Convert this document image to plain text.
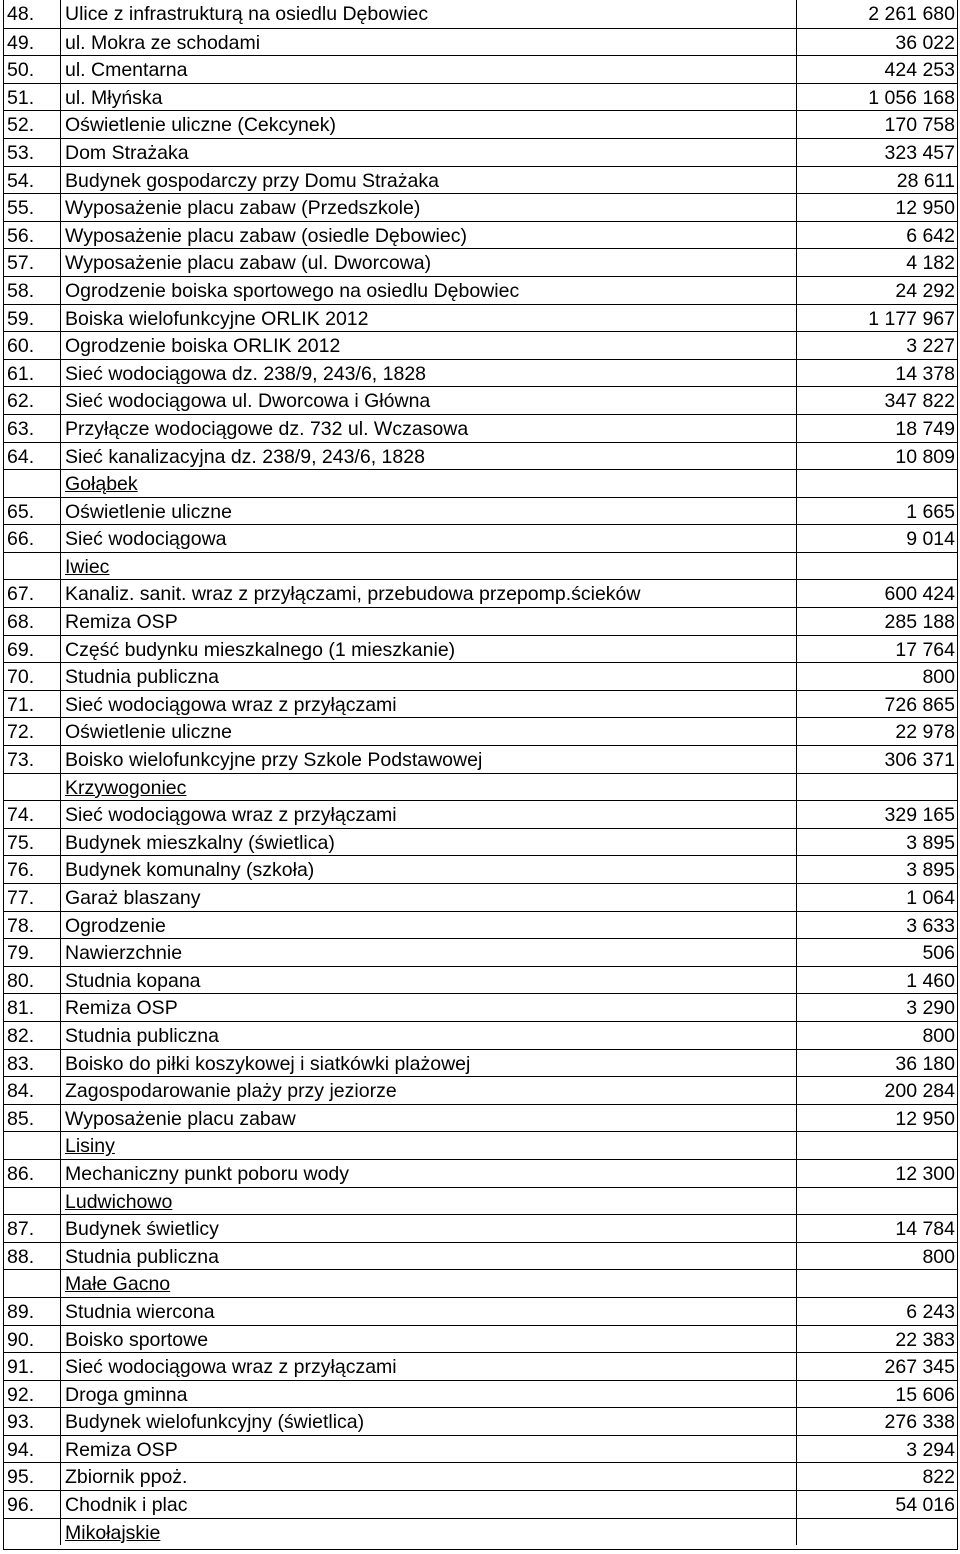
48.	Ulice z infrastrukturą na osiedlu Dębowiec	2 261 680
49.	ul. Mokra ze schodami	36 022
50.	ul. Cmentarna	424 253
51.	ul. Młyńska	1 056 168
52.	Oświetlenie uliczne (Cekcynek)	170 758
53.	Dom Strażaka	323 457
54.	Budynek gospodarczy przy Domu Strażaka	28 611
55.	Wyposażenie placu zabaw (Przedszkole)	12 950
56.	Wyposażenie placu zabaw (osiedle Dębowiec)	6 642
57.	Wyposażenie placu zabaw (ul. Dworcowa)	4 182
58.	Ogrodzenie boiska sportowego na osiedlu Dębowiec	24 292
59.	Boiska wielofunkcyjne ORLIK 2012	1 177 967
60.	Ogrodzenie boiska ORLIK 2012	3 227
61.	Sieć wodociągowa dz. 238/9, 243/6, 1828	14 378
62.	Sieć wodociągowa ul. Dworcowa i Główna	347 822
63.	Przyłącze wodociągowe dz. 732 ul. Wczasowa	18 749
64.	Sieć kanalizacyjna dz. 238/9, 243/6, 1828	10 809
Gołąbek
65.	Oświetlenie uliczne	1 665
66.	Sieć wodociągowa	9 014
Iwiec
67.	Kanaliz. sanit. wraz z przyłączami, przebudowa przepomp.ścieków	600 424
68.	Remiza OSP	285 188
69.	Część budynku mieszkalnego (1 mieszkanie)	17 764
70.	Studnia publiczna	800
71.	Sieć wodociągowa wraz z przyłączami	726 865
72.	Oświetlenie uliczne	22 978
73.	Boisko wielofunkcyjne przy Szkole Podstawowej	306 371
Krzywogoniec
74.	Sieć wodociągowa wraz z przyłączami	329 165
75.	Budynek mieszkalny (świetlica)	3 895
76.	Budynek komunalny (szkoła)	3 895
77.	Garaż blaszany	1 064
78.	Ogrodzenie	3 633
79.	Nawierzchnie	506
80.	Studnia kopana	1 460
81.	Remiza OSP	3 290
82.	Studnia publiczna	800
83.	Boisko do piłki koszykowej i siatkówki plażowej	36 180
84.	Zagospodarowanie plaży przy jeziorze	200 284
85.	Wyposażenie placu zabaw	12 950
Lisiny
86.	Mechaniczny punkt poboru wody	12 300
Ludwichowo
87.	Budynek świetlicy	14 784
88.	Studnia publiczna	800
Małe Gacno
89.	Studnia wiercona	6 243
90.	Boisko sportowe	22 383
91.	Sieć wodociągowa wraz z przyłączami	267 345
92.	Droga gminna	15 606
93.	Budynek wielofunkcyjny (świetlica)	276 338
94.	Remiza OSP	3 294
95.	Zbiornik ppoż.	822
96.	Chodnik i plac	54 016
Mikołajskie
